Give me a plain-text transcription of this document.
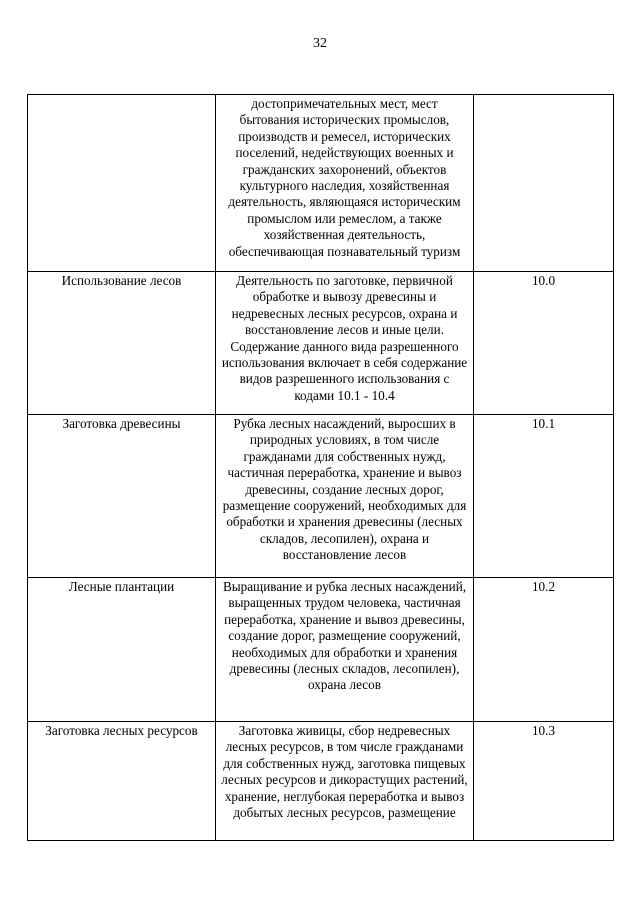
32
	достопримечательных мест, мест бытования исторических промыслов, производств и ремесел, исторических поселений, недействующих военных и гражданских захоронений, объектов культурного наследия, хозяйственная деятельность, являющаяся историческим промыслом или ремеслом, а также хозяйственная деятельность, обеспечивающая познавательный туризм	
Использование лесов	Деятельность по заготовке, первичной обработке и вывозу древесины и недревесных лесных ресурсов, охрана и восстановление лесов и иные цели. Содержание данного вида разрешенного использования включает в себя содержание видов разрешенного использования с кодами 10.1 - 10.4	10.0
Заготовка древесины	Рубка лесных насаждений, выросших в природных условиях, в том числе гражданами для собственных нужд, частичная переработка, хранение и вывоз древесины, создание лесных дорог, размещение сооружений, необходимых для обработки и хранения древесины (лесных складов, лесопилен), охрана и восстановление лесов	10.1
Лесные плантации	Выращивание и рубка лесных насаждений, выращенных трудом человека, частичная переработка, хранение и вывоз древесины, создание дорог, размещение сооружений, необходимых для обработки и хранения древесины (лесных складов, лесопилен), охрана лесов	10.2
Заготовка лесных ресурсов	Заготовка живицы, сбор недревесных лесных ресурсов, в том числе гражданами для собственных нужд, заготовка пищевых лесных ресурсов и дикорастущих растений, хранение, неглубокая переработка и вывоз добытых лесных ресурсов, размещение	10.3
